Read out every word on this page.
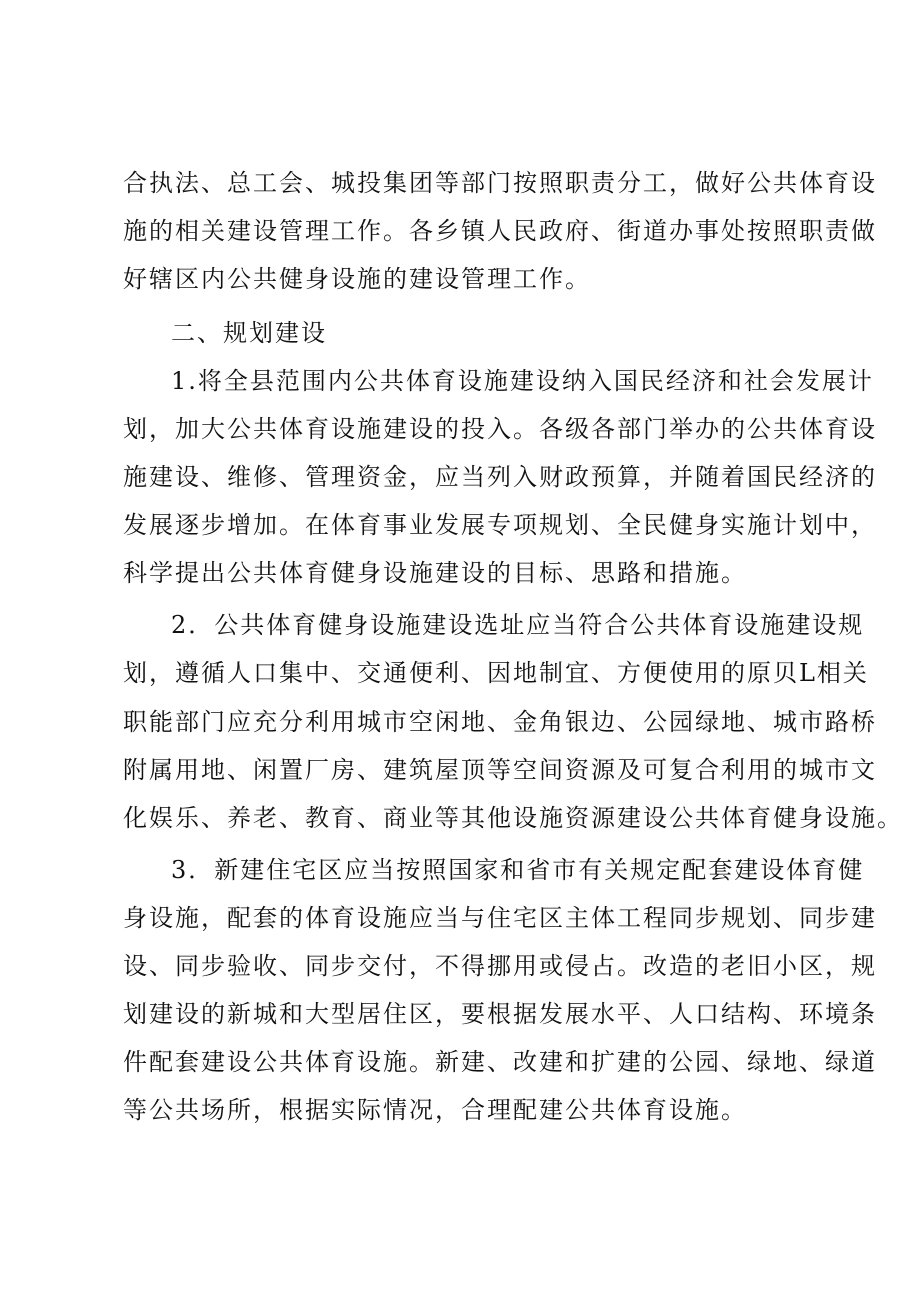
合执法、总工会、城投集团等部门按照职责分工，做好公共体育设
施的相关建设管理工作。各乡镇人民政府、街道办事处按照职责做
好辖区内公共健身设施的建设管理工作。
二、规划建设
1.将全县范围内公共体育设施建设纳入国民经济和社会发展计
划，加大公共体育设施建设的投入。各级各部门举办的公共体育设
施建设、维修、管理资金，应当列入财政预算，并随着国民经济的
发展逐步增加。在体育事业发展专项规划、全民健身实施计划中，
科学提出公共体育健身设施建设的目标、思路和措施。
2．公共体育健身设施建设选址应当符合公共体育设施建设规
划，遵循人口集中、交通便利、因地制宜、方便使用的原贝L相关
职能部门应充分利用城市空闲地、金角银边、公园绿地、城市路桥
附属用地、闲置厂房、建筑屋顶等空间资源及可复合利用的城市文
化娱乐、养老、教育、商业等其他设施资源建设公共体育健身设施。
3．新建住宅区应当按照国家和省市有关规定配套建设体育健
身设施，配套的体育设施应当与住宅区主体工程同步规划、同步建
设、同步验收、同步交付，不得挪用或侵占。改造的老旧小区，规
划建设的新城和大型居住区，要根据发展水平、人口结构、环境条
件配套建设公共体育设施。新建、改建和扩建的公园、绿地、绿道
等公共场所，根据实际情况，合理配建公共体育设施。
